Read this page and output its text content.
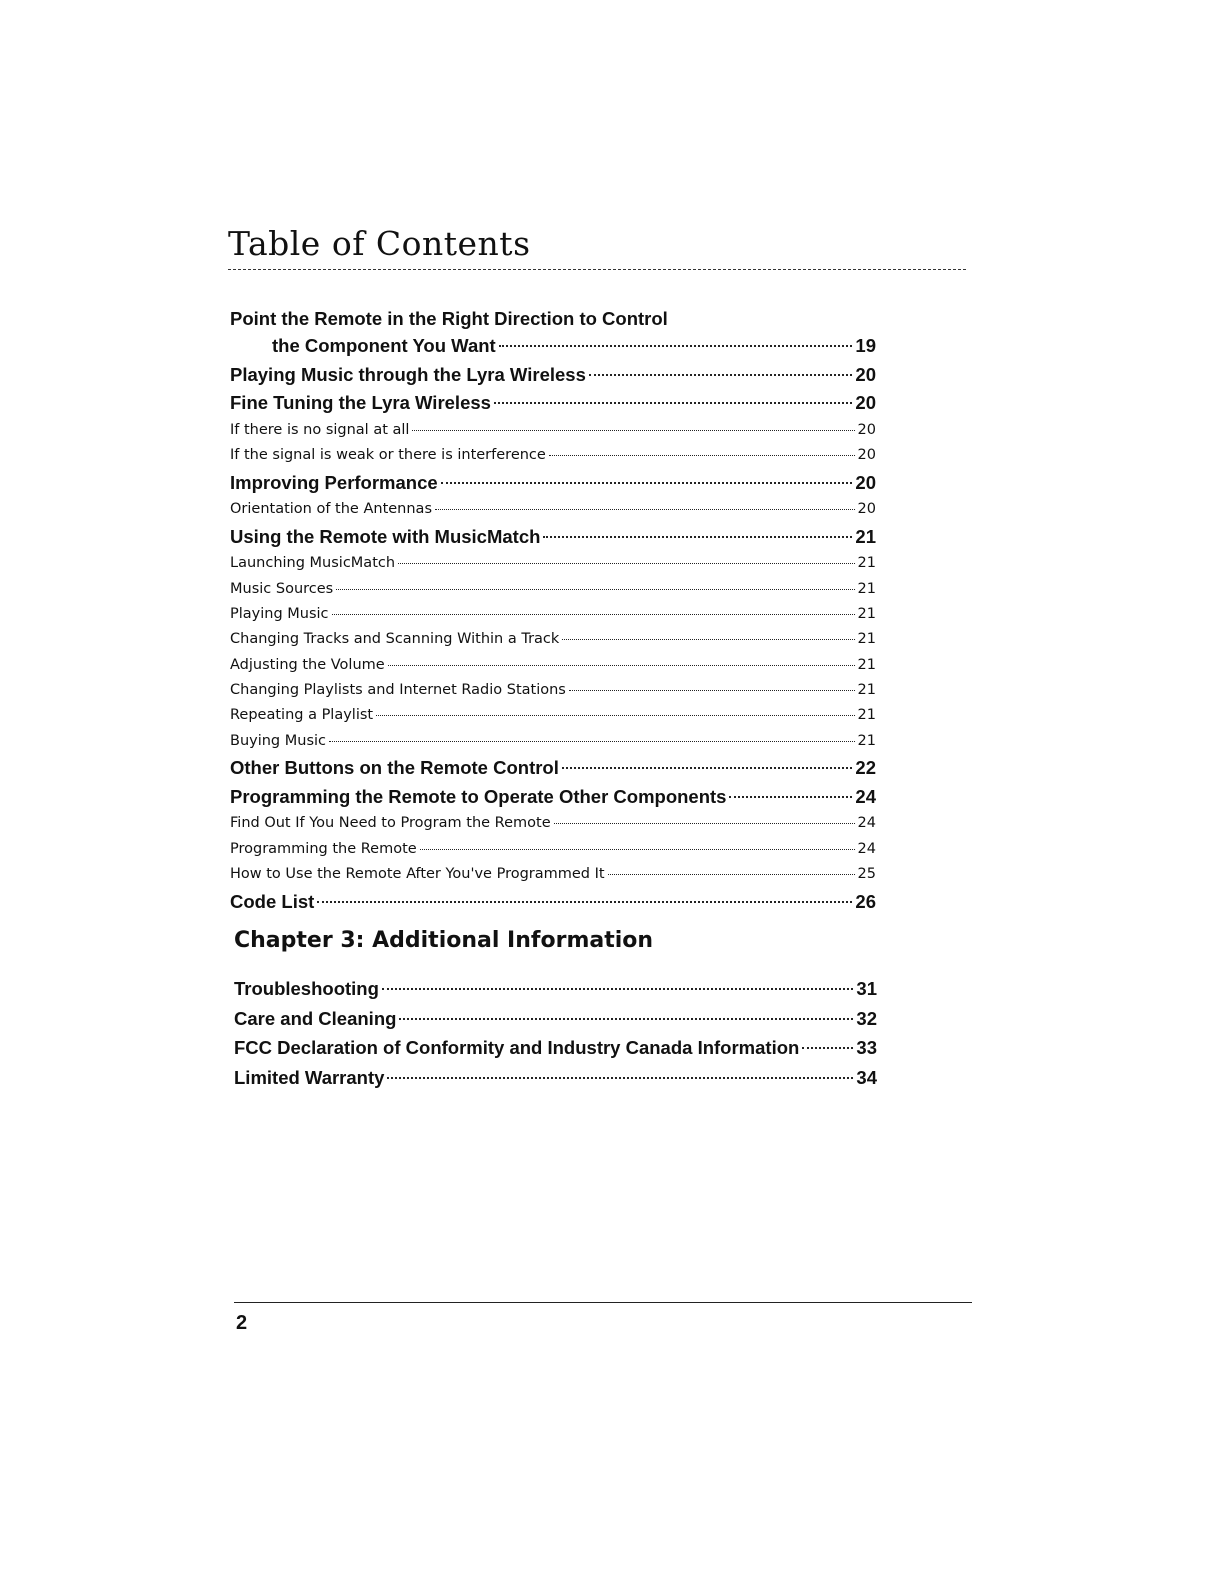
Table of Contents
Point the Remote in the Right Direction to Control
the Component You Want	19
Playing Music through the Lyra Wireless	20
Fine Tuning the Lyra Wireless	20
If there is no signal at all	20
If the signal is weak or there is interference	20
Improving Performance	20
Orientation of the Antennas	20
Using the Remote with MusicMatch	21
Launching MusicMatch	21
Music Sources	21
Playing Music	21
Changing Tracks and Scanning Within a Track	21
Adjusting the Volume	21
Changing Playlists and Internet Radio Stations	21
Repeating a Playlist	21
Buying Music	21
Other Buttons on the Remote Control	22
Programming the Remote to Operate Other Components	24
Find Out If You Need to Program the Remote	24
Programming the Remote	24
How to Use the Remote After You've Programmed It	25
Code List	26
Chapter 3: Additional Information
Troubleshooting	31
Care and Cleaning	32
FCC Declaration of Conformity and Industry Canada Information	33
Limited Warranty	34
2
